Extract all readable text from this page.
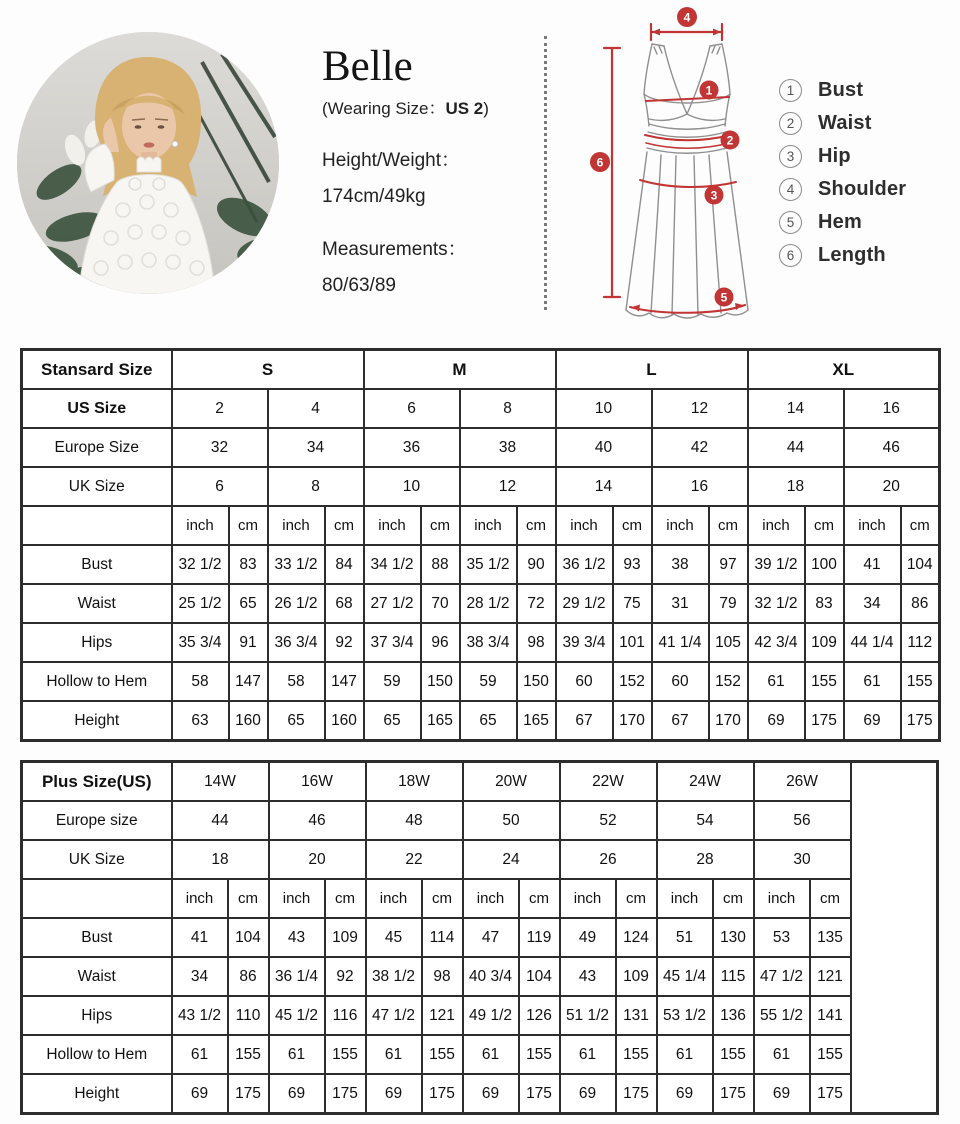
Belle
(Wearing Size：US 2)
Height/Weight：
174cm/49kg
Measurements：
80/63/89
4
1
2
3
5
6
1	Bust
2	Waist
3	Hip
4	Shoulder
5	Hem
6	Length
Stansard Size	S				M				L				XL			
US Size	2		4		6		8		10		12		14		16	
Europe Size	32		34		36		38		40		42		44		46	
UK Size	6		8		10		12		14		16		18		20	
	inch	cm	inch	cm	inch	cm	inch	cm	inch	cm	inch	cm	inch	cm	inch	cm
Bust	32 1/2	83	33 1/2	84	34 1/2	88	35 1/2	90	36 1/2	93	38	97	39 1/2	100	41	104
Waist	25 1/2	65	26 1/2	68	27 1/2	70	28 1/2	72	29 1/2	75	31	79	32 1/2	83	34	86
Hips	35 3/4	91	36 3/4	92	37 3/4	96	38 3/4	98	39 3/4	101	41 1/4	105	42 3/4	109	44 1/4	112
Hollow to Hem	58	147	58	147	59	150	59	150	60	152	60	152	61	155	61	155
Height	63	160	65	160	65	165	65	165	67	170	67	170	69	175	69	175
Plus Size(US)	14W		16W		18W		20W		22W		24W		26W		
Europe size	44		46		48		50		52		54		56		
UK Size	18		20		22		24		26		28		30		
	inch	cm	inch	cm	inch	cm	inch	cm	inch	cm	inch	cm	inch	cm	
Bust	41	104	43	109	45	114	47	119	49	124	51	130	53	135	
Waist	34	86	36 1/4	92	38 1/2	98	40 3/4	104	43	109	45 1/4	115	47 1/2	121	
Hips	43 1/2	110	45 1/2	116	47 1/2	121	49 1/2	126	51 1/2	131	53 1/2	136	55 1/2	141	
Hollow to Hem	61	155	61	155	61	155	61	155	61	155	61	155	61	155	
Height	69	175	69	175	69	175	69	175	69	175	69	175	69	175	
